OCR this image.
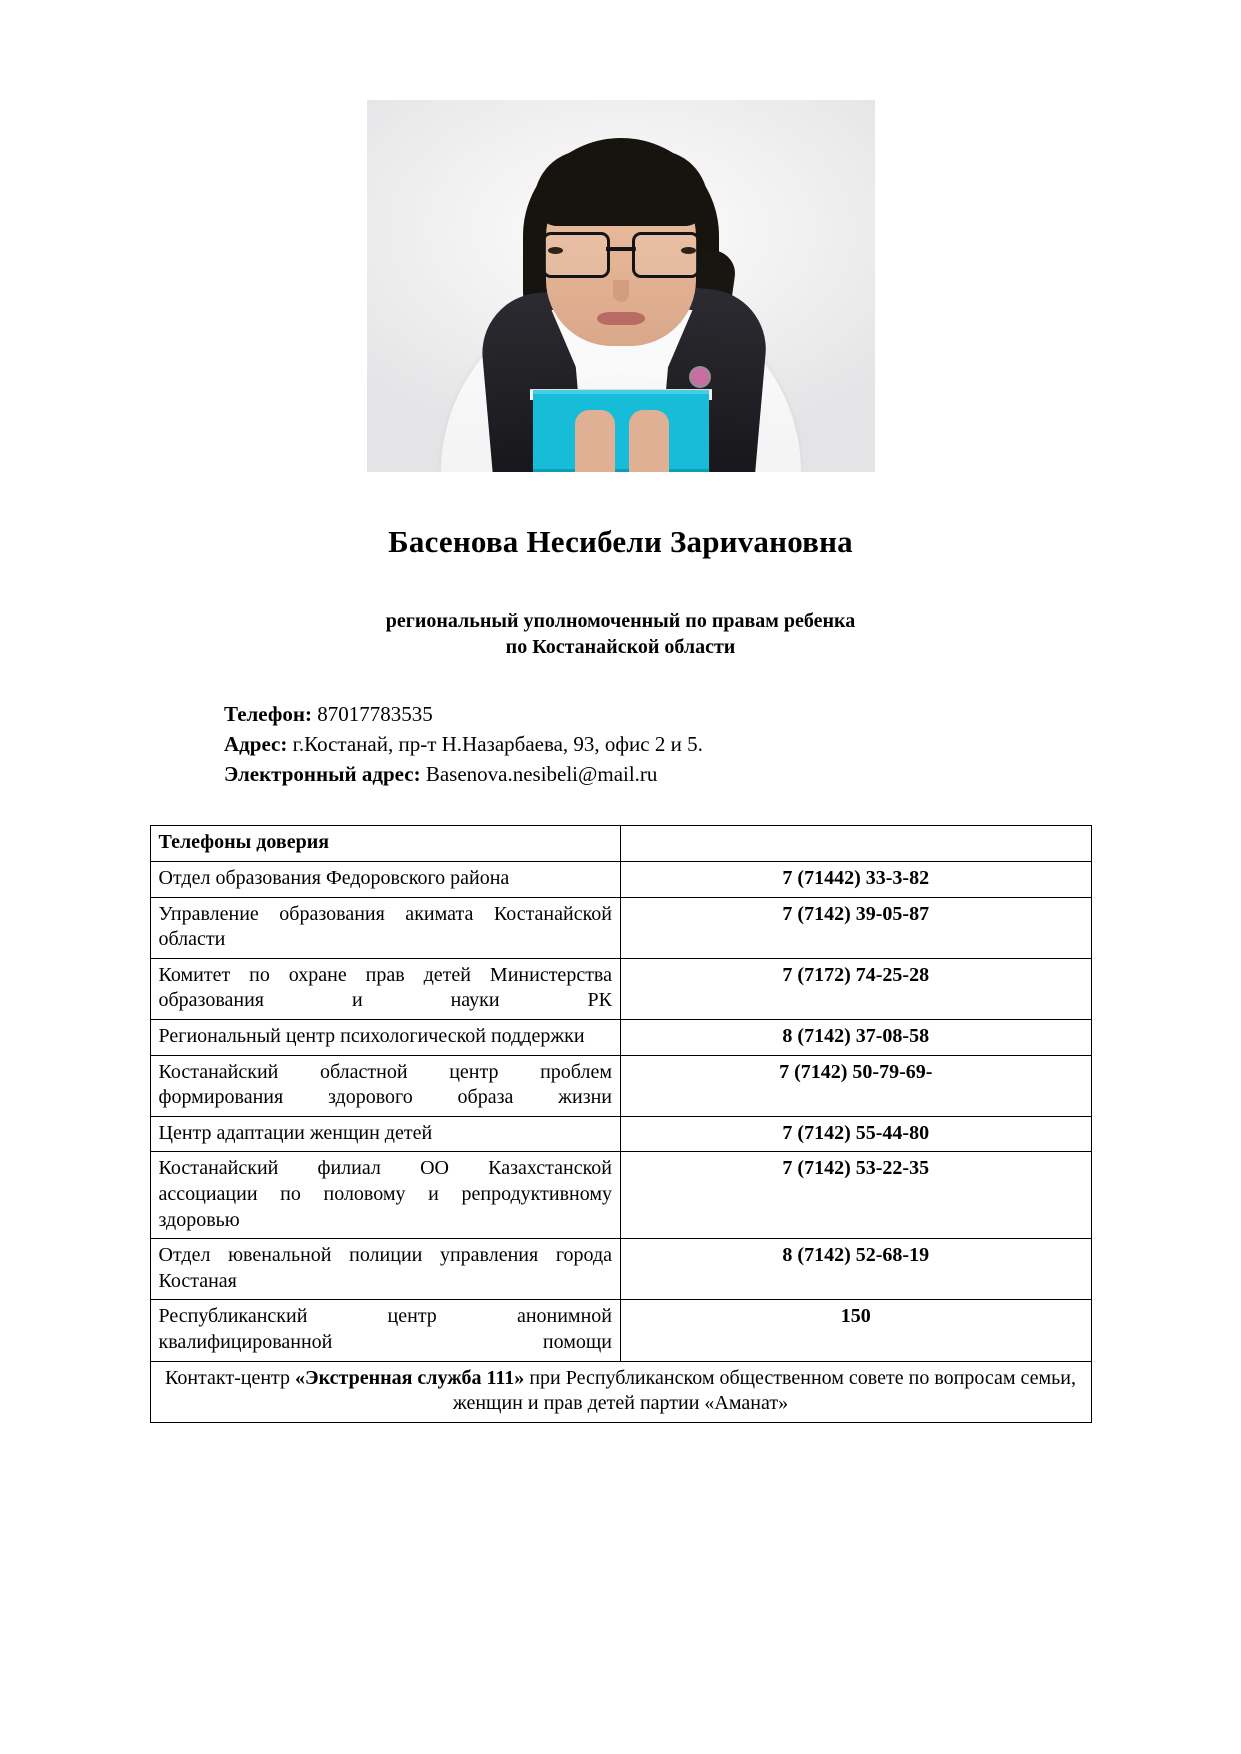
Басенова Несибели Зариvановна
региональный уполномоченный по правам ребенка
по Костанайской области
Телефон: 87017783535
Адрес: г.Костанай, пр-т Н.Назарбаева, 93, офис 2 и 5.
Электронный адрес: Basenova.nesibeli@mail.ru
Телефоны доверия	
Отдел образования Федоровского района	7 (71442) 33-3-82
Управление образования акимата Костанайской области	7 (7142) 39-05-87
Комитет по охране прав детей Министерства образования и науки РК	7 (7172) 74-25-28
Региональный центр психологической поддержки	8 (7142) 37-08-58
Костанайский областной центр проблем формирования здорового образа жизни	7 (7142) 50-79-69-
Центр адаптации женщин детей	7 (7142) 55-44-80
Костанайский филиал ОО Казахстанской ассоциации по половому и репродуктивному здоровью	7 (7142) 53-22-35
Отдел ювенальной полиции управления города Костаная	8 (7142) 52-68-19
Республиканский центр анонимной квалифицированной помощи	150
Контакт-центр «Экстренная служба 111» при Республиканском общественном совете по вопросам семьи, женщин и прав детей партии «Аманат»	
